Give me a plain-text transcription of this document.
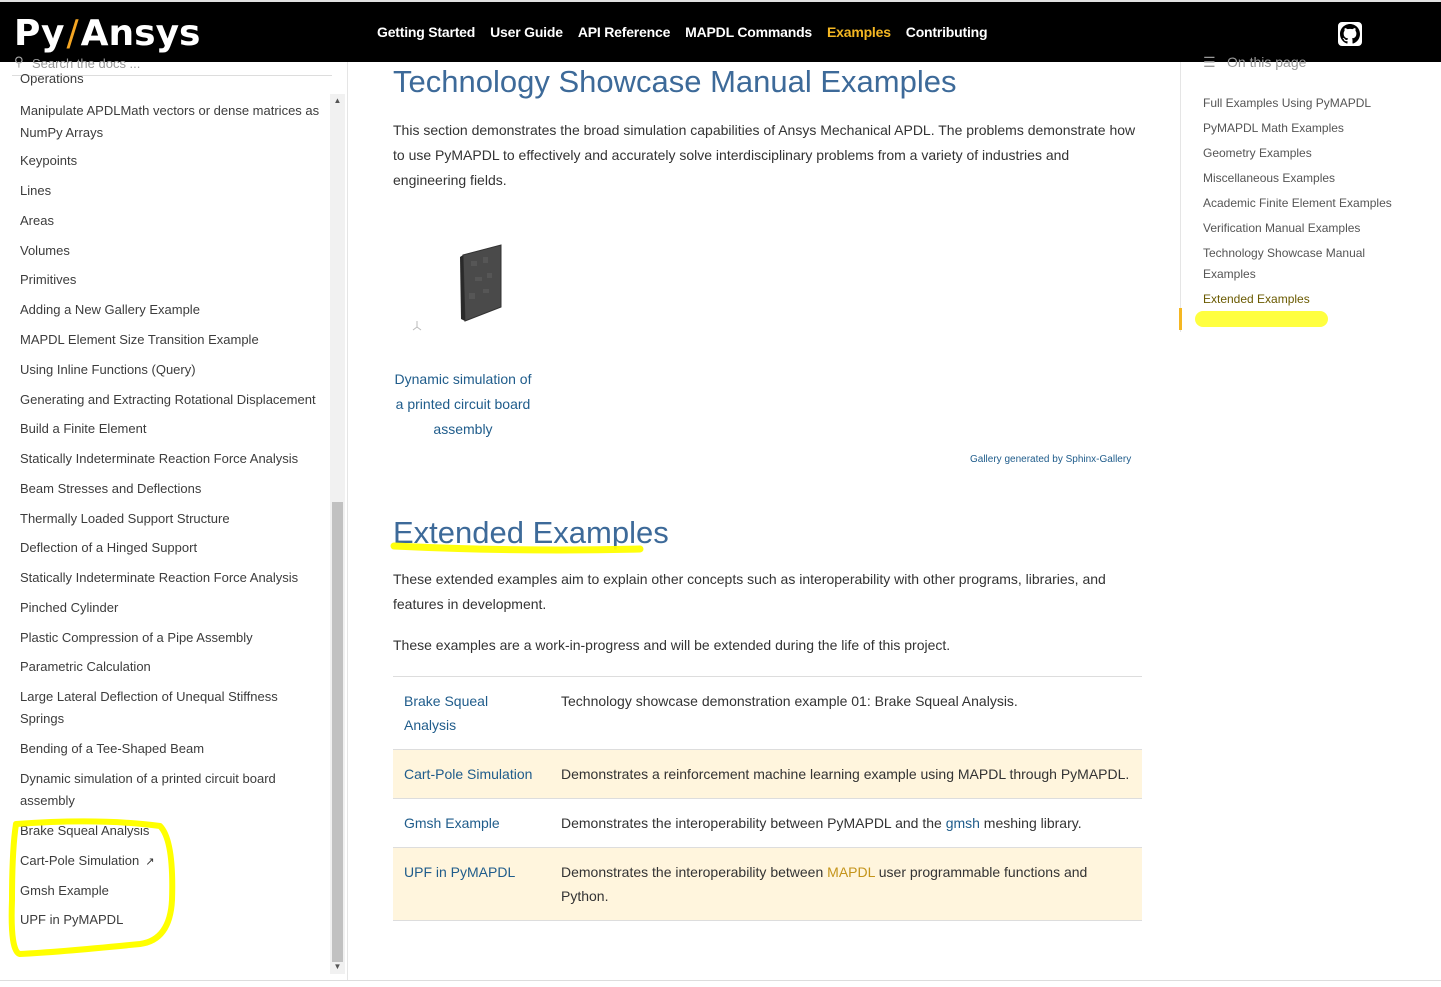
Py / Ansys	Getting Started User Guide API Reference MAPDL Commands Examples Contributing
⚲ Search the docs ...
Operations
Manipulate APDLMath vectors or dense matrices as NumPy Arrays
Keypoints
Lines
Areas
Volumes
Primitives
Adding a New Gallery Example
MAPDL Element Size Transition Example
Using Inline Functions (Query)
Generating and Extracting Rotational Displacement
Build a Finite Element
Statically Indeterminate Reaction Force Analysis
Beam Stresses and Deflections
Thermally Loaded Support Structure
Deflection of a Hinged Support
Statically Indeterminate Reaction Force Analysis
Pinched Cylinder
Plastic Compression of a Pipe Assembly
Parametric Calculation
Large Lateral Deflection of Unequal Stiffness Springs
Bending of a Tee-Shaped Beam
Dynamic simulation of a printed circuit board assembly
Brake Squeal Analysis
Cart-Pole Simulation ↗
Gmsh Example
UPF in PyMAPDL
▲
▼
Technology Showcase Manual Examples

This section demonstrates the broad simulation capabilities of Ansys Mechanical APDL. The problems demonstrate how to use PyMAPDL to effectively and accurately solve interdisciplinary problems from a variety of industries and engineering fields.

Dynamic simulation of a printed circuit board assembly
Gallery generated by Sphinx-Gallery
Extended Examples

These extended examples aim to explain other concepts such as interoperability with other programs, libraries, and features in development.

These examples are a work-in-progress and will be extended during the life of this project.

Brake Squeal Analysis	Technology showcase demonstration example 01: Brake Squeal Analysis.
Cart-Pole Simulation	Demonstrates a reinforcement machine learning example using MAPDL through PyMAPDL.
Gmsh Example	Demonstrates the interoperability between PyMAPDL and the gmsh meshing library.
UPF in PyMAPDL	Demonstrates the interoperability between MAPDL user programmable functions and Python.
☰ On this page
Full Examples Using PyMAPDL
PyMAPDL Math Examples
Geometry Examples
Miscellaneous Examples
Academic Finite Element Examples
Verification Manual Examples
Technology Showcase Manual Examples
Extended Examples
